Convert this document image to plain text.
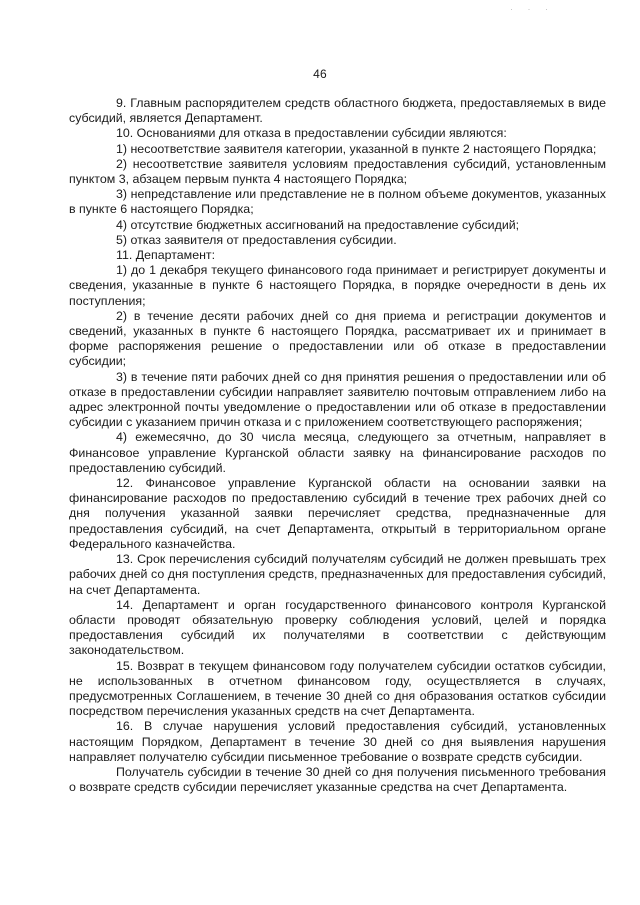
· · ·
46

9. Главным распорядителем средств областного бюджета, предоставляемых в виде субсидий, является Департамент.

10. Основаниями для отказа в предоставлении субсидии являются:

1) несоответствие заявителя категории, указанной в пункте 2 настоящего Порядка;

2) несоответствие заявителя условиям предоставления субсидий, установленным пунктом 3, абзацем первым пункта 4 настоящего Порядка;

3) непредставление или представление не в полном объеме документов, указанных в пункте 6 настоящего Порядка;

4) отсутствие бюджетных ассигнований на предоставление субсидий;

5) отказ заявителя от предоставления субсидии.

11. Департамент:

1) до 1 декабря текущего финансового года принимает и регистрирует документы и сведения, указанные в пункте 6 настоящего Порядка, в порядке очередности в день их поступления;

2) в течение десяти рабочих дней со дня приема и регистрации документов и сведений, указанных в пункте 6 настоящего Порядка, рассматривает их и принимает в форме распоряжения решение о предоставлении или об отказе в предоставлении субсидии;

3) в течение пяти рабочих дней со дня принятия решения о предоставлении или об отказе в предоставлении субсидии направляет заявителю почтовым отправлением либо на адрес электронной почты уведомление о предоставлении или об отказе в предоставлении субсидии с указанием причин отказа и с приложением соответствующего распоряжения;

4) ежемесячно, до 30 числа месяца, следующего за отчетным, направляет в Финансовое управление Курганской области заявку на финансирование расходов по предоставлению субсидий.

12. Финансовое управление Курганской области на основании заявки на финансирование расходов по предоставлению субсидий в течение трех рабочих дней со дня получения указанной заявки перечисляет средства, предназначенные для предоставления субсидий, на счет Департамента, открытый в территориальном органе Федерального казначейства.

13. Срок перечисления субсидий получателям субсидий не должен превышать трех рабочих дней со дня поступления средств, предназначенных для предоставления субсидий, на счет Департамента.

14. Департамент и орган государственного финансового контроля Курганской области проводят обязательную проверку соблюдения условий, целей и порядка предоставления субсидий их получателями в соответствии с действующим законодательством.

15. Возврат в текущем финансовом году получателем субсидии остатков субсидии, не использованных в отчетном финансовом году, осуществляется в случаях, предусмотренных Соглашением, в течение 30 дней со дня образования остатков субсидии посредством перечисления указанных средств на счет Департамента.

16. В случае нарушения условий предоставления субсидий, установленных настоящим Порядком, Департамент в течение 30 дней со дня выявления нарушения направляет получателю субсидии письменное требование о возврате средств субсидии.

Получатель субсидии в течение 30 дней со дня получения письменного требования о возврате средств субсидии перечисляет указанные средства на счет Департамента.
